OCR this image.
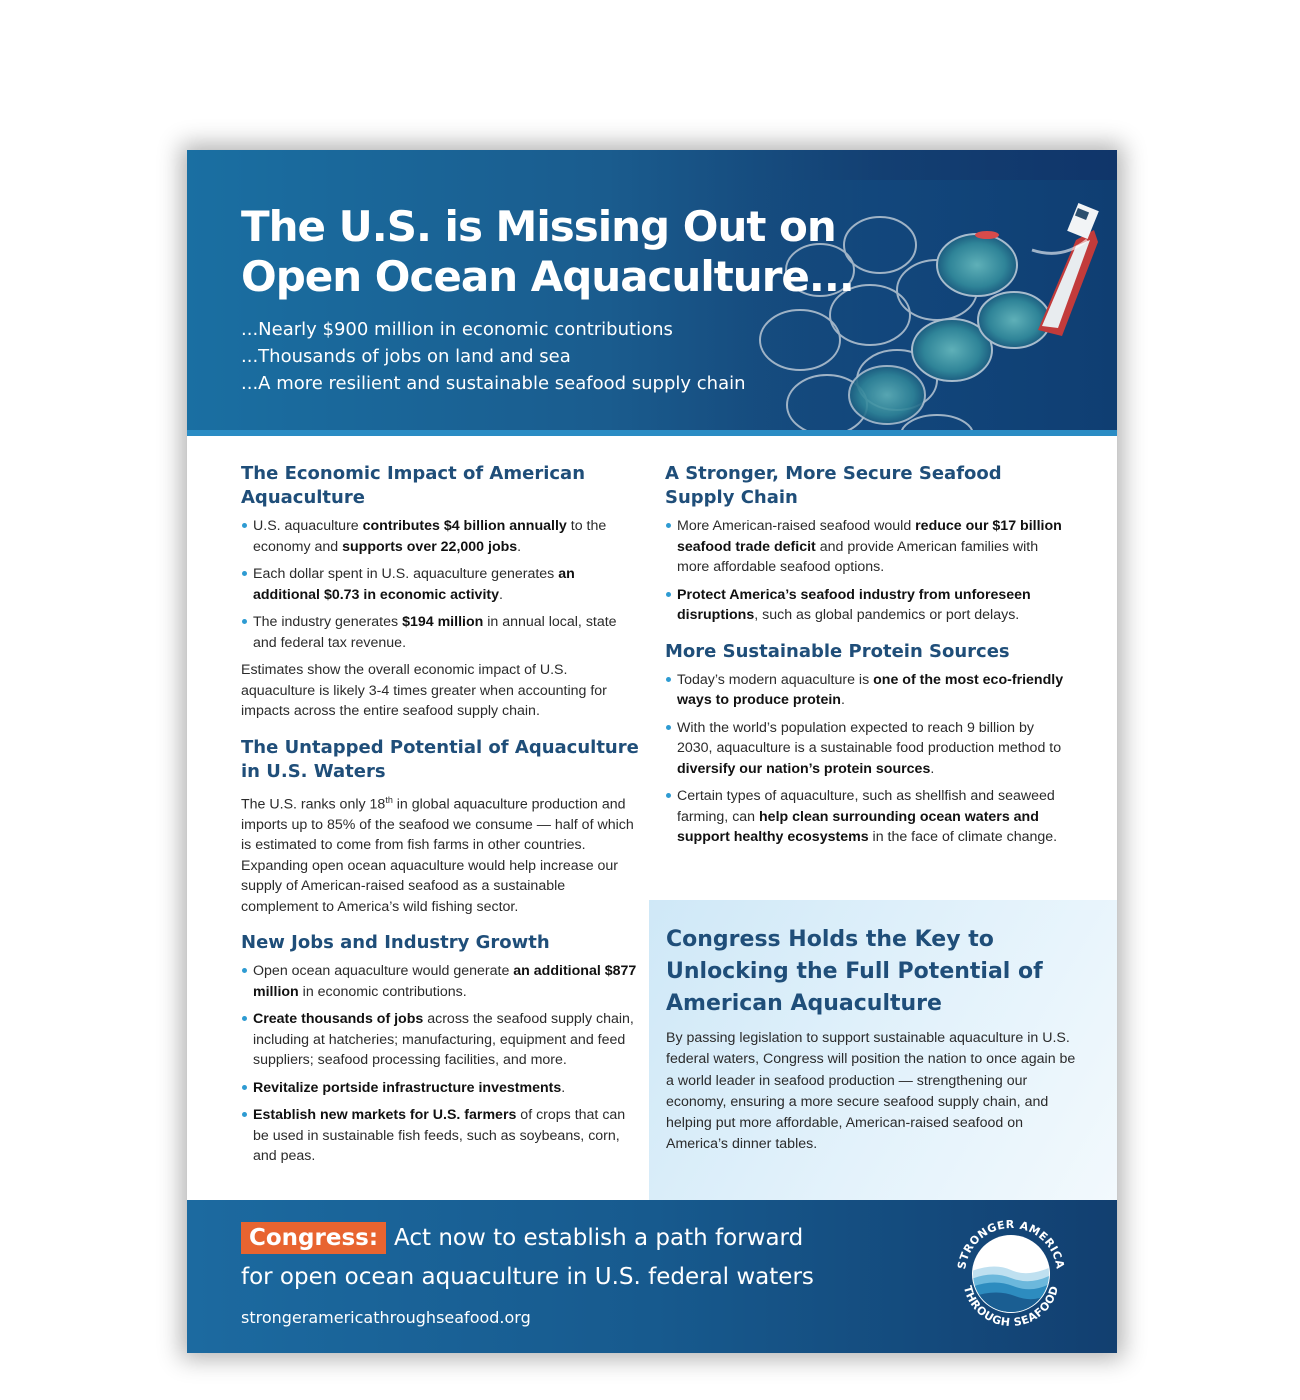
The U.S. is Missing Out on Open Ocean Aquaculture...
...Nearly $900 million in economic contributions
...Thousands of jobs on land and sea
...A more resilient and sustainable seafood supply chain
The Economic Impact of American Aquaculture
U.S. aquaculture contributes $4 billion annually to the economy and supports over 22,000 jobs.
Each dollar spent in U.S. aquaculture generates an additional $0.73 in economic activity.
The industry generates $194 million in annual local, state and federal tax revenue.

Estimates show the overall economic impact of U.S. aquaculture is likely 3-4 times greater when accounting for impacts across the entire seafood supply chain.

The Untapped Potential of Aquaculture in U.S. Waters

The U.S. ranks only 18th in global aquaculture production and imports up to 85% of the seafood we consume — half of which is estimated to come from fish farms in other countries. Expanding open ocean aquaculture would help increase our supply of American-raised seafood as a sustainable complement to America’s wild fishing sector.

New Jobs and Industry Growth
Open ocean aquaculture would generate an additional $877 million in economic contributions.
Create thousands of jobs across the seafood supply chain, including at hatcheries; manufacturing, equipment and feed suppliers; seafood processing facilities, and more.
Revitalize portside infrastructure investments.
Establish new markets for U.S. farmers of crops that can be used in sustainable fish feeds, such as soybeans, corn, and peas.
A Stronger, More Secure Seafood Supply Chain
More American-raised seafood would reduce our $17 billion seafood trade deficit and provide American families with more affordable seafood options.
Protect America’s seafood industry from unforeseen disruptions, such as global pandemics or port delays.
More Sustainable Protein Sources
Today’s modern aquaculture is one of the most eco-friendly ways to produce protein.
With the world’s population expected to reach 9 billion by 2030, aquaculture is a sustainable food production method to diversify our nation’s protein sources.
Certain types of aquaculture, such as shellfish and seaweed farming, can help clean surrounding ocean waters and support healthy ecosystems in the face of climate change.
Congress Holds the Key to Unlocking the Full Potential of American Aquaculture

By passing legislation to support sustainable aquaculture in U.S. federal waters, Congress will position the nation to once again be a world leader in seafood production — strengthening our economy, ensuring a more secure seafood supply chain, and helping put more affordable, American-raised seafood on America’s dinner tables.

Congress: Act now to establish a path forward
for open ocean aquaculture in U.S. federal waters
strongeramericathroughseafood.org
STRONGER AMERICA
THROUGH SEAFOOD
